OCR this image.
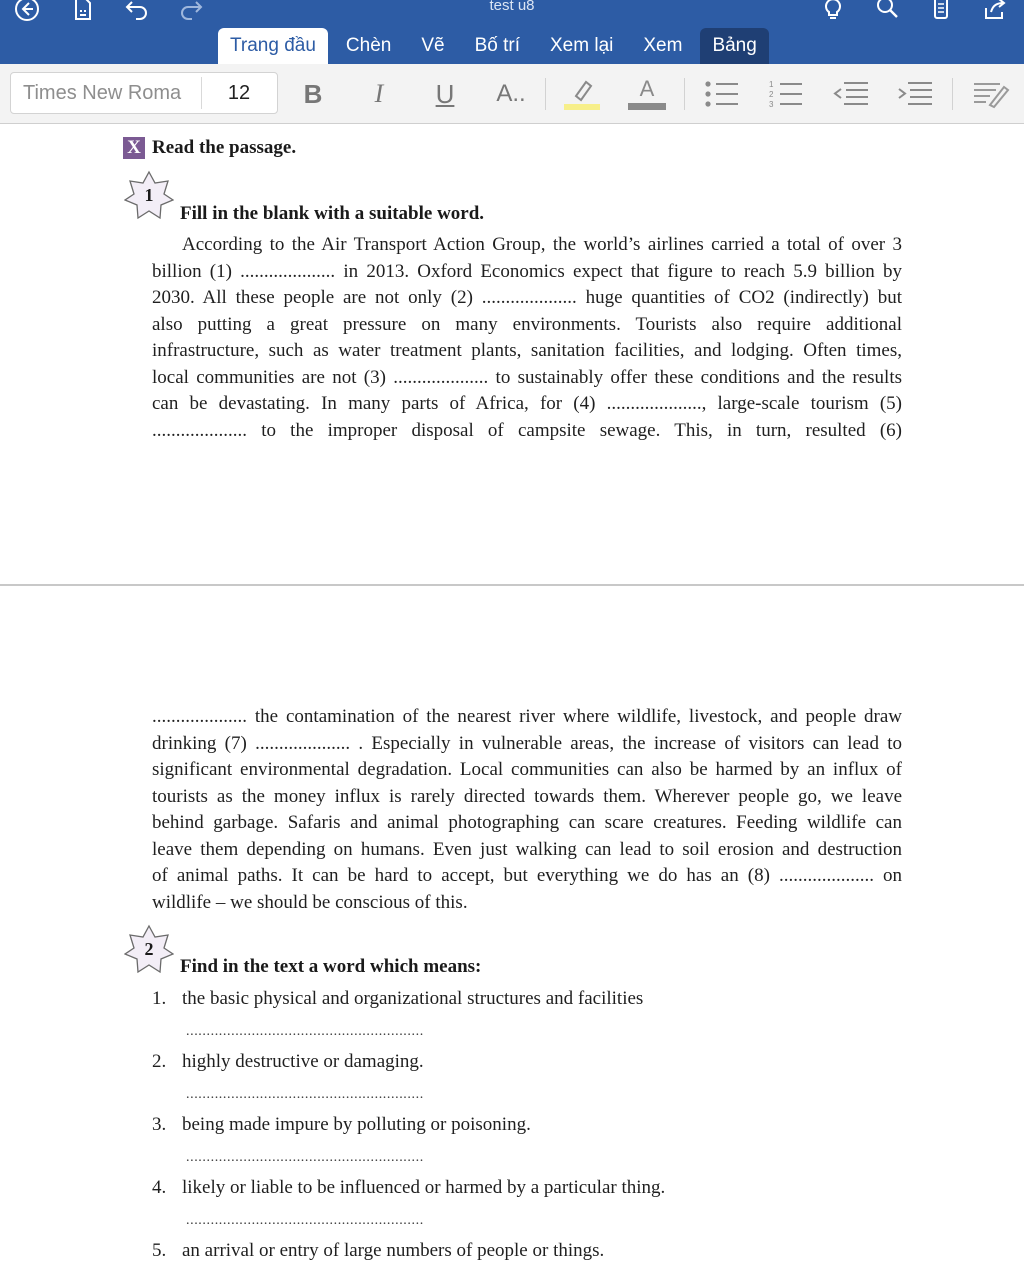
test u8
Trang đầu	Chèn	Vẽ	Bố trí	Xem lại	Xem	Bảng
Times New Roma	12	B	I	U A..	A	1
2
3
X Read the passage.
1
Fill in the blank with a suitable word.
According to the Air Transport Action Group, the world’s airlines carried a total of over 3
billion (1) .................... in 2013. Oxford Economics expect that figure to reach 5.9 billion by
2030. All these people are not only (2) .................... huge quantities of CO2 (indirectly) but
also putting a great pressure on many environments. Tourists also require additional
infrastructure, such as water treatment plants, sanitation facilities, and lodging. Often times,
local communities are not (3) .................... to sustainably offer these conditions and the results
can be devastating. In many parts of Africa, for (4) ...................., large-scale tourism (5)
.................... to the improper disposal of campsite sewage. This, in turn, resulted (6)
.................... the contamination of the nearest river where wildlife, livestock, and people draw
drinking (7) .................... . Especially in vulnerable areas, the increase of visitors can lead to
significant environmental degradation. Local communities can also be harmed by an influx of
tourists as the money influx is rarely directed towards them. Wherever people go, we leave
behind garbage. Safaris and animal photographing can scare creatures. Feeding wildlife can
leave them depending on humans. Even just walking can lead to soil erosion and destruction
of animal paths. It can be hard to accept, but everything we do has an (8) .................... on
wildlife – we should be conscious of this.
2
Find in the text a word which means:
1. the basic physical and organizational structures and facilities
..........................................................
2. highly destructive or damaging.
..........................................................
3. being made impure by polluting or poisoning.
..........................................................
4. likely or liable to be influenced or harmed by a particular thing.
..........................................................
5. an arrival or entry of large numbers of people or things.
